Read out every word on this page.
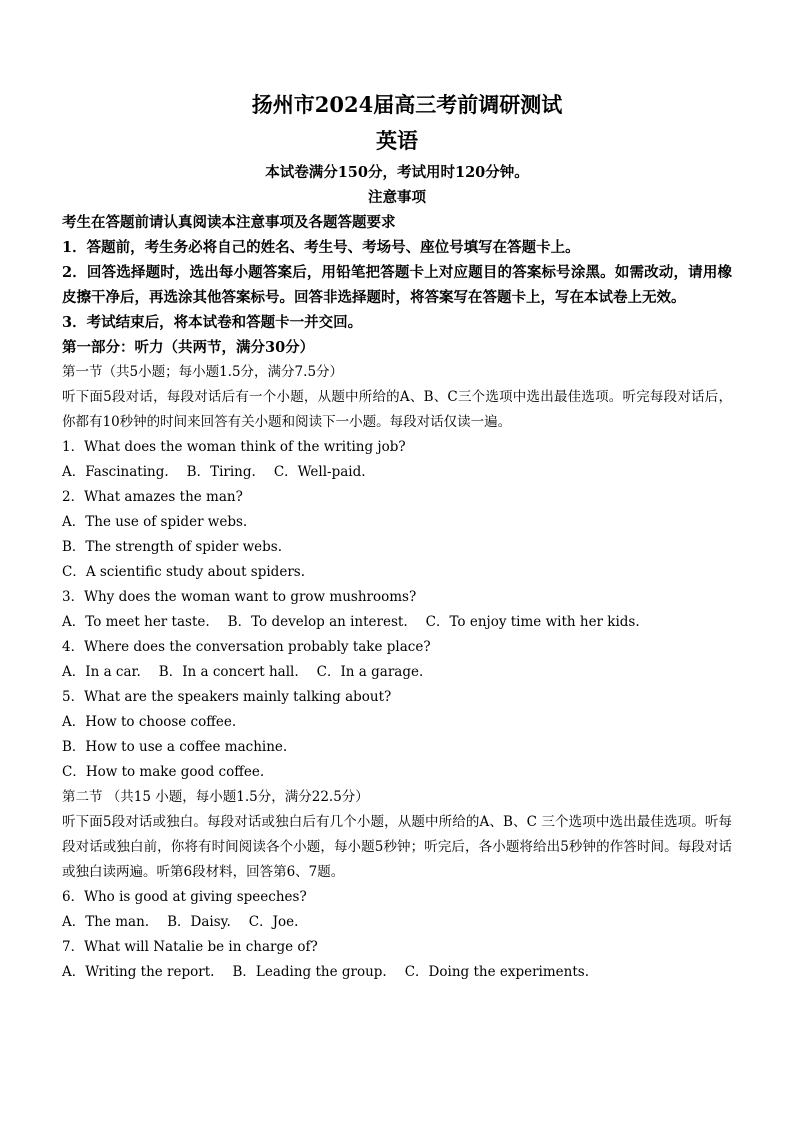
扬州市2024届高三考前调研测试
英语
本试卷满分150分，考试用时120分钟。
注意事项
考生在答题前请认真阅读本注意事项及各题答题要求
1．答题前，考生务必将自己的姓名、考生号、考场号、座位号填写在答题卡上。
2．回答选择题时，选出每小题答案后，用铅笔把答题卡上对应题目的答案标号涂黑。如需改动，请用橡皮擦干净后，再选涂其他答案标号。回答非选择题时，将答案写在答题卡上，写在本试卷上无效。
3．考试结束后，将本试卷和答题卡一并交回。
第一部分：听力（共两节，满分30分）
第一节（共5小题；每小题1.5分，满分7.5分）
听下面5段对话，每段对话后有一个小题，从题中所给的A、B、C三个选项中选出最佳选项。听完每段对话后，你都有10秒钟的时间来回答有关小题和阅读下一小题。每段对话仅读一遍。
1．What does the woman think of the writing job?
A．Fascinating. B．Tiring. C．Well-paid.
2．What amazes the man?
A．The use of spider webs.
B．The strength of spider webs.
C．A scientific study about spiders.
3．Why does the woman want to grow mushrooms?
A．To meet her taste. B．To develop an interest. C．To enjoy time with her kids.
4．Where does the conversation probably take place?
A．In a car. B．In a concert hall. C．In a garage.
5．What are the speakers mainly talking about?
A．How to choose coffee.
B．How to use a coffee machine.
C．How to make good coffee.
第二节 （共15 小题，每小题1.5分，满分22.5分）
听下面5段对话或独白。每段对话或独白后有几个小题，从题中所给的A、B、C 三个选项中选出最佳选项。听每段对话或独白前，你将有时间阅读各个小题，每小题5秒钟；听完后，各小题将给出5秒钟的作答时间。每段对话或独白读两遍。听第6段材料，回答第6、7题。
6．Who is good at giving speeches?
A．The man. B．Daisy. C．Joe.
7．What will Natalie be in charge of?
A．Writing the report. B．Leading the group. C．Doing the experiments.
